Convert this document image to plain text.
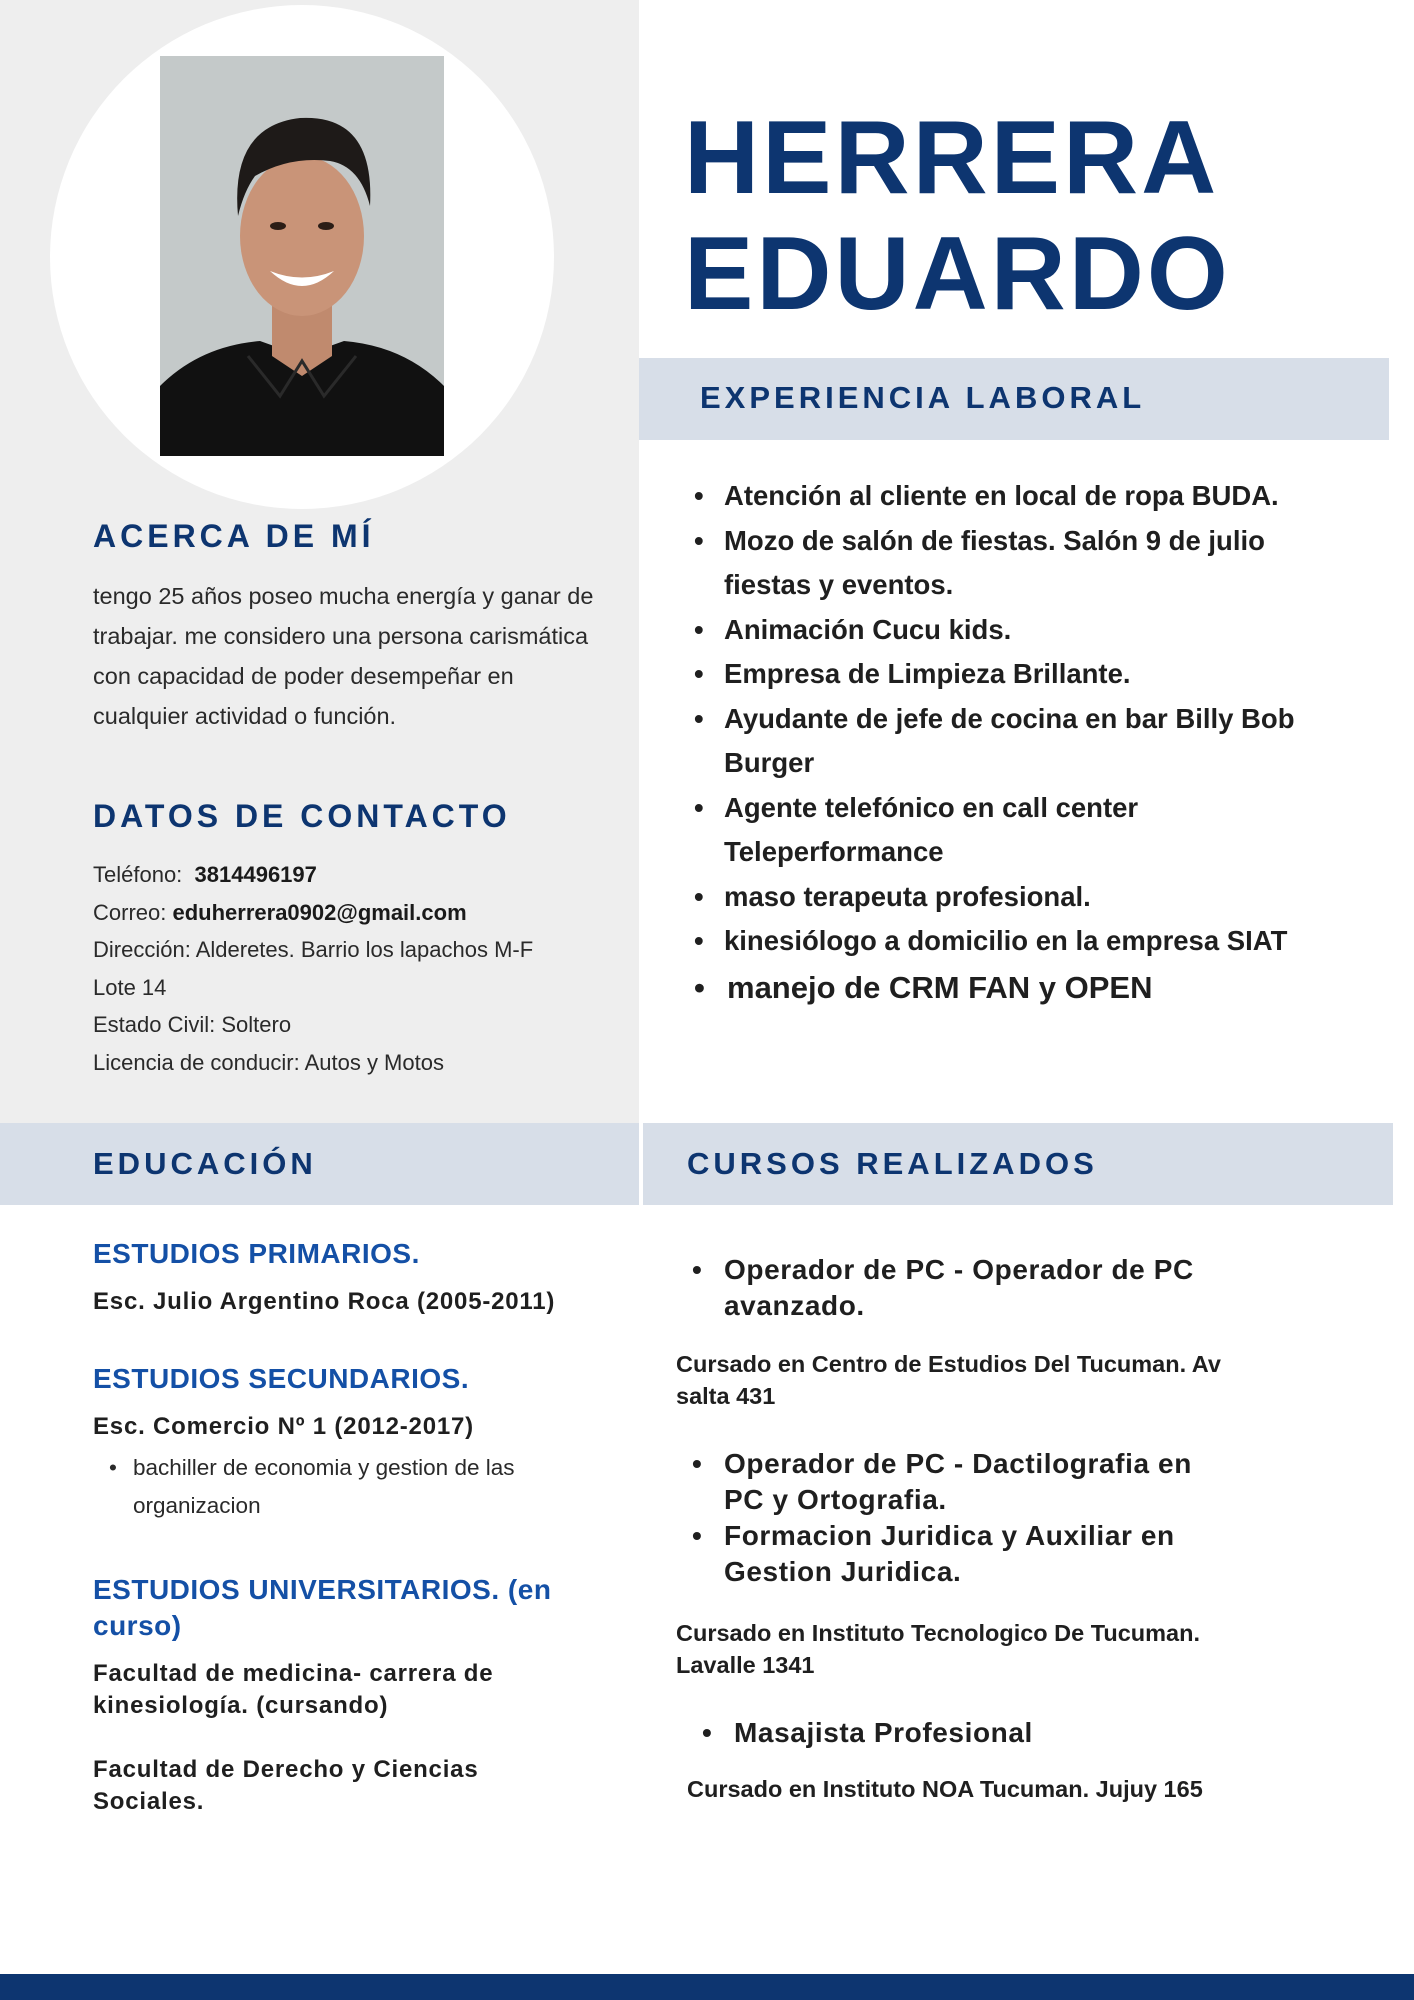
ACERCA DE MÍ
tengo 25 años poseo mucha energía y ganar de trabajar. me considero una persona carismática con capacidad de poder desempeñar en cualquier actividad o función.
DATOS DE CONTACTO
Teléfono: 3814496197
Correo: eduherrera0902@gmail.com
Dirección: Alderetes. Barrio los lapachos M-F
Lote 14
Estado Civil: Soltero
Licencia de conducir: Autos y Motos
HERRERA
EDUARDO
EXPERIENCIA LABORAL
• Atención al cliente en local de ropa BUDA.
• Mozo de salón de fiestas. Salón 9 de julio fiestas y eventos.
• Animación Cucu kids.
• Empresa de Limpieza Brillante.
• Ayudante de jefe de cocina en bar Billy Bob Burger
• Agente telefónico en call center Teleperformance
• maso terapeuta profesional.
• kinesiólogo a domicilio en la empresa SIAT
• manejo de CRM FAN y OPEN
EDUCACIÓN	CURSOS REALIZADOS
ESTUDIOS PRIMARIOS.
Esc. Julio Argentino Roca (2005-2011)
ESTUDIOS SECUNDARIOS.
Esc. Comercio Nº 1 (2012-2017)
• bachiller de economia y gestion de las organizacion
ESTUDIOS UNIVERSITARIOS. (en curso)
Facultad de medicina- carrera de kinesiología. (cursando)
Facultad de Derecho y Ciencias Sociales.
• Operador de PC - Operador de PC avanzado.
Cursado en Centro de Estudios Del Tucuman. Av salta 431
• Operador de PC - Dactilografia en PC y Ortografia.
• Formacion Juridica y Auxiliar en Gestion Juridica.
Cursado en Instituto Tecnologico De Tucuman. Lavalle 1341
• Masajista Profesional
Cursado en Instituto NOA Tucuman. Jujuy 165
